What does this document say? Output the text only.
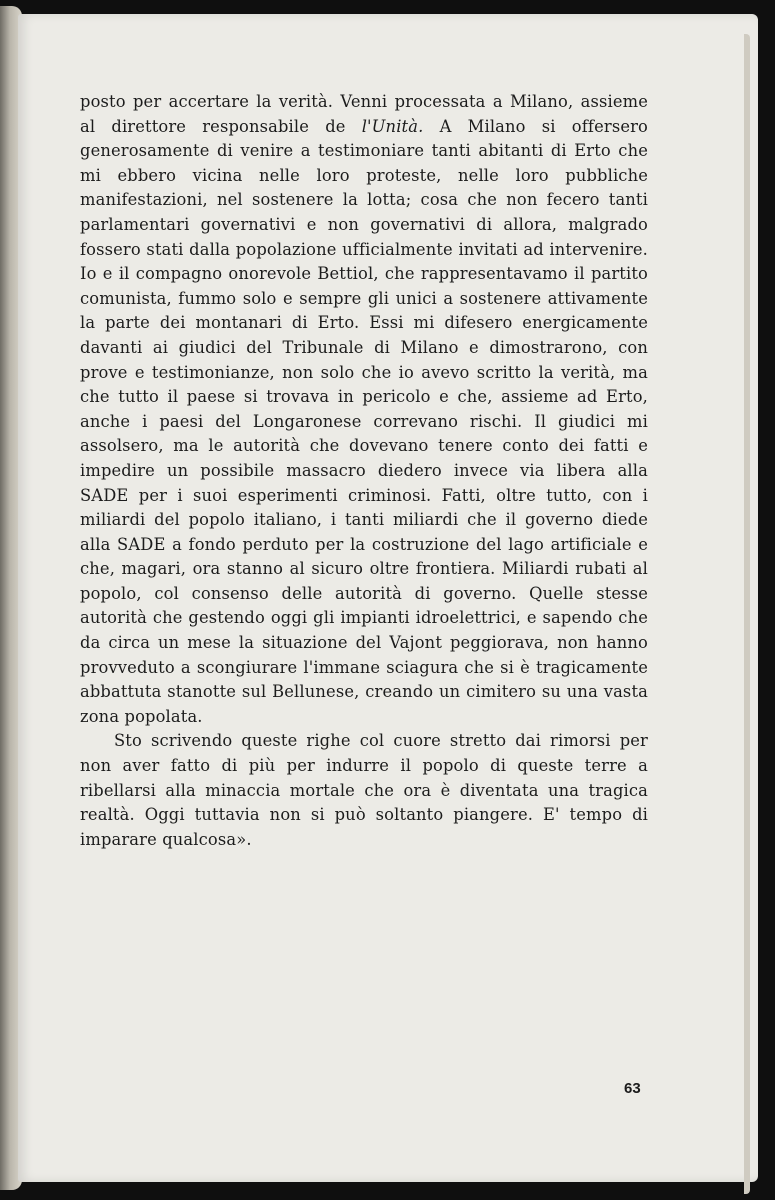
posto per accertare la verità. Venni processata a Milano, assieme al direttore responsabile de l'Unità. A Milano si offersero generosamente di venire a testimoniare tanti abitanti di Erto che mi ebbero vicina nelle loro proteste, nelle loro pubbliche manifestazioni, nel sostenere la lotta; cosa che non fecero tanti parlamentari governativi e non governativi di allora, malgrado fossero stati dalla popolazione ufficialmente invitati ad intervenire. Io e il compagno onorevole Bettiol, che rappresentavamo il partito comunista, fummo solo e sempre gli unici a sostenere attivamente la parte dei montanari di Erto. Essi mi difesero energicamente davanti ai giudici del Tribunale di Milano e dimostrarono, con prove e testimonianze, non solo che io avevo scritto la verità, ma che tutto il paese si trovava in pericolo e che, assieme ad Erto, anche i paesi del Longaronese correvano rischi. Il giudici mi assolsero, ma le autorità che dovevano tenere conto dei fatti e impedire un possibile massacro diedero invece via libera alla SADE per i suoi esperimenti criminosi. Fatti, oltre tutto, con i miliardi del popolo italiano, i tanti miliardi che il governo diede alla SADE a fondo perduto per la costruzione del lago artificiale e che, magari, ora stanno al sicuro oltre frontiera. Miliardi rubati al popolo, col consenso delle autorità di governo. Quelle stesse autorità che gestendo oggi gli impianti idroelettrici, e sapendo che da circa un mese la situazione del Vajont peggiorava, non hanno provveduto a scongiurare l'immane sciagura che si è tragicamente abbattuta stanotte sul Bellunese, creando un cimitero su una vasta zona popolata.

Sto scrivendo queste righe col cuore stretto dai rimorsi per non aver fatto di più per indurre il popolo di queste terre a ribellarsi alla minaccia mortale che ora è diventata una tragica realtà. Oggi tuttavia non si può soltanto piangere. E' tempo di imparare qualcosa».

63
